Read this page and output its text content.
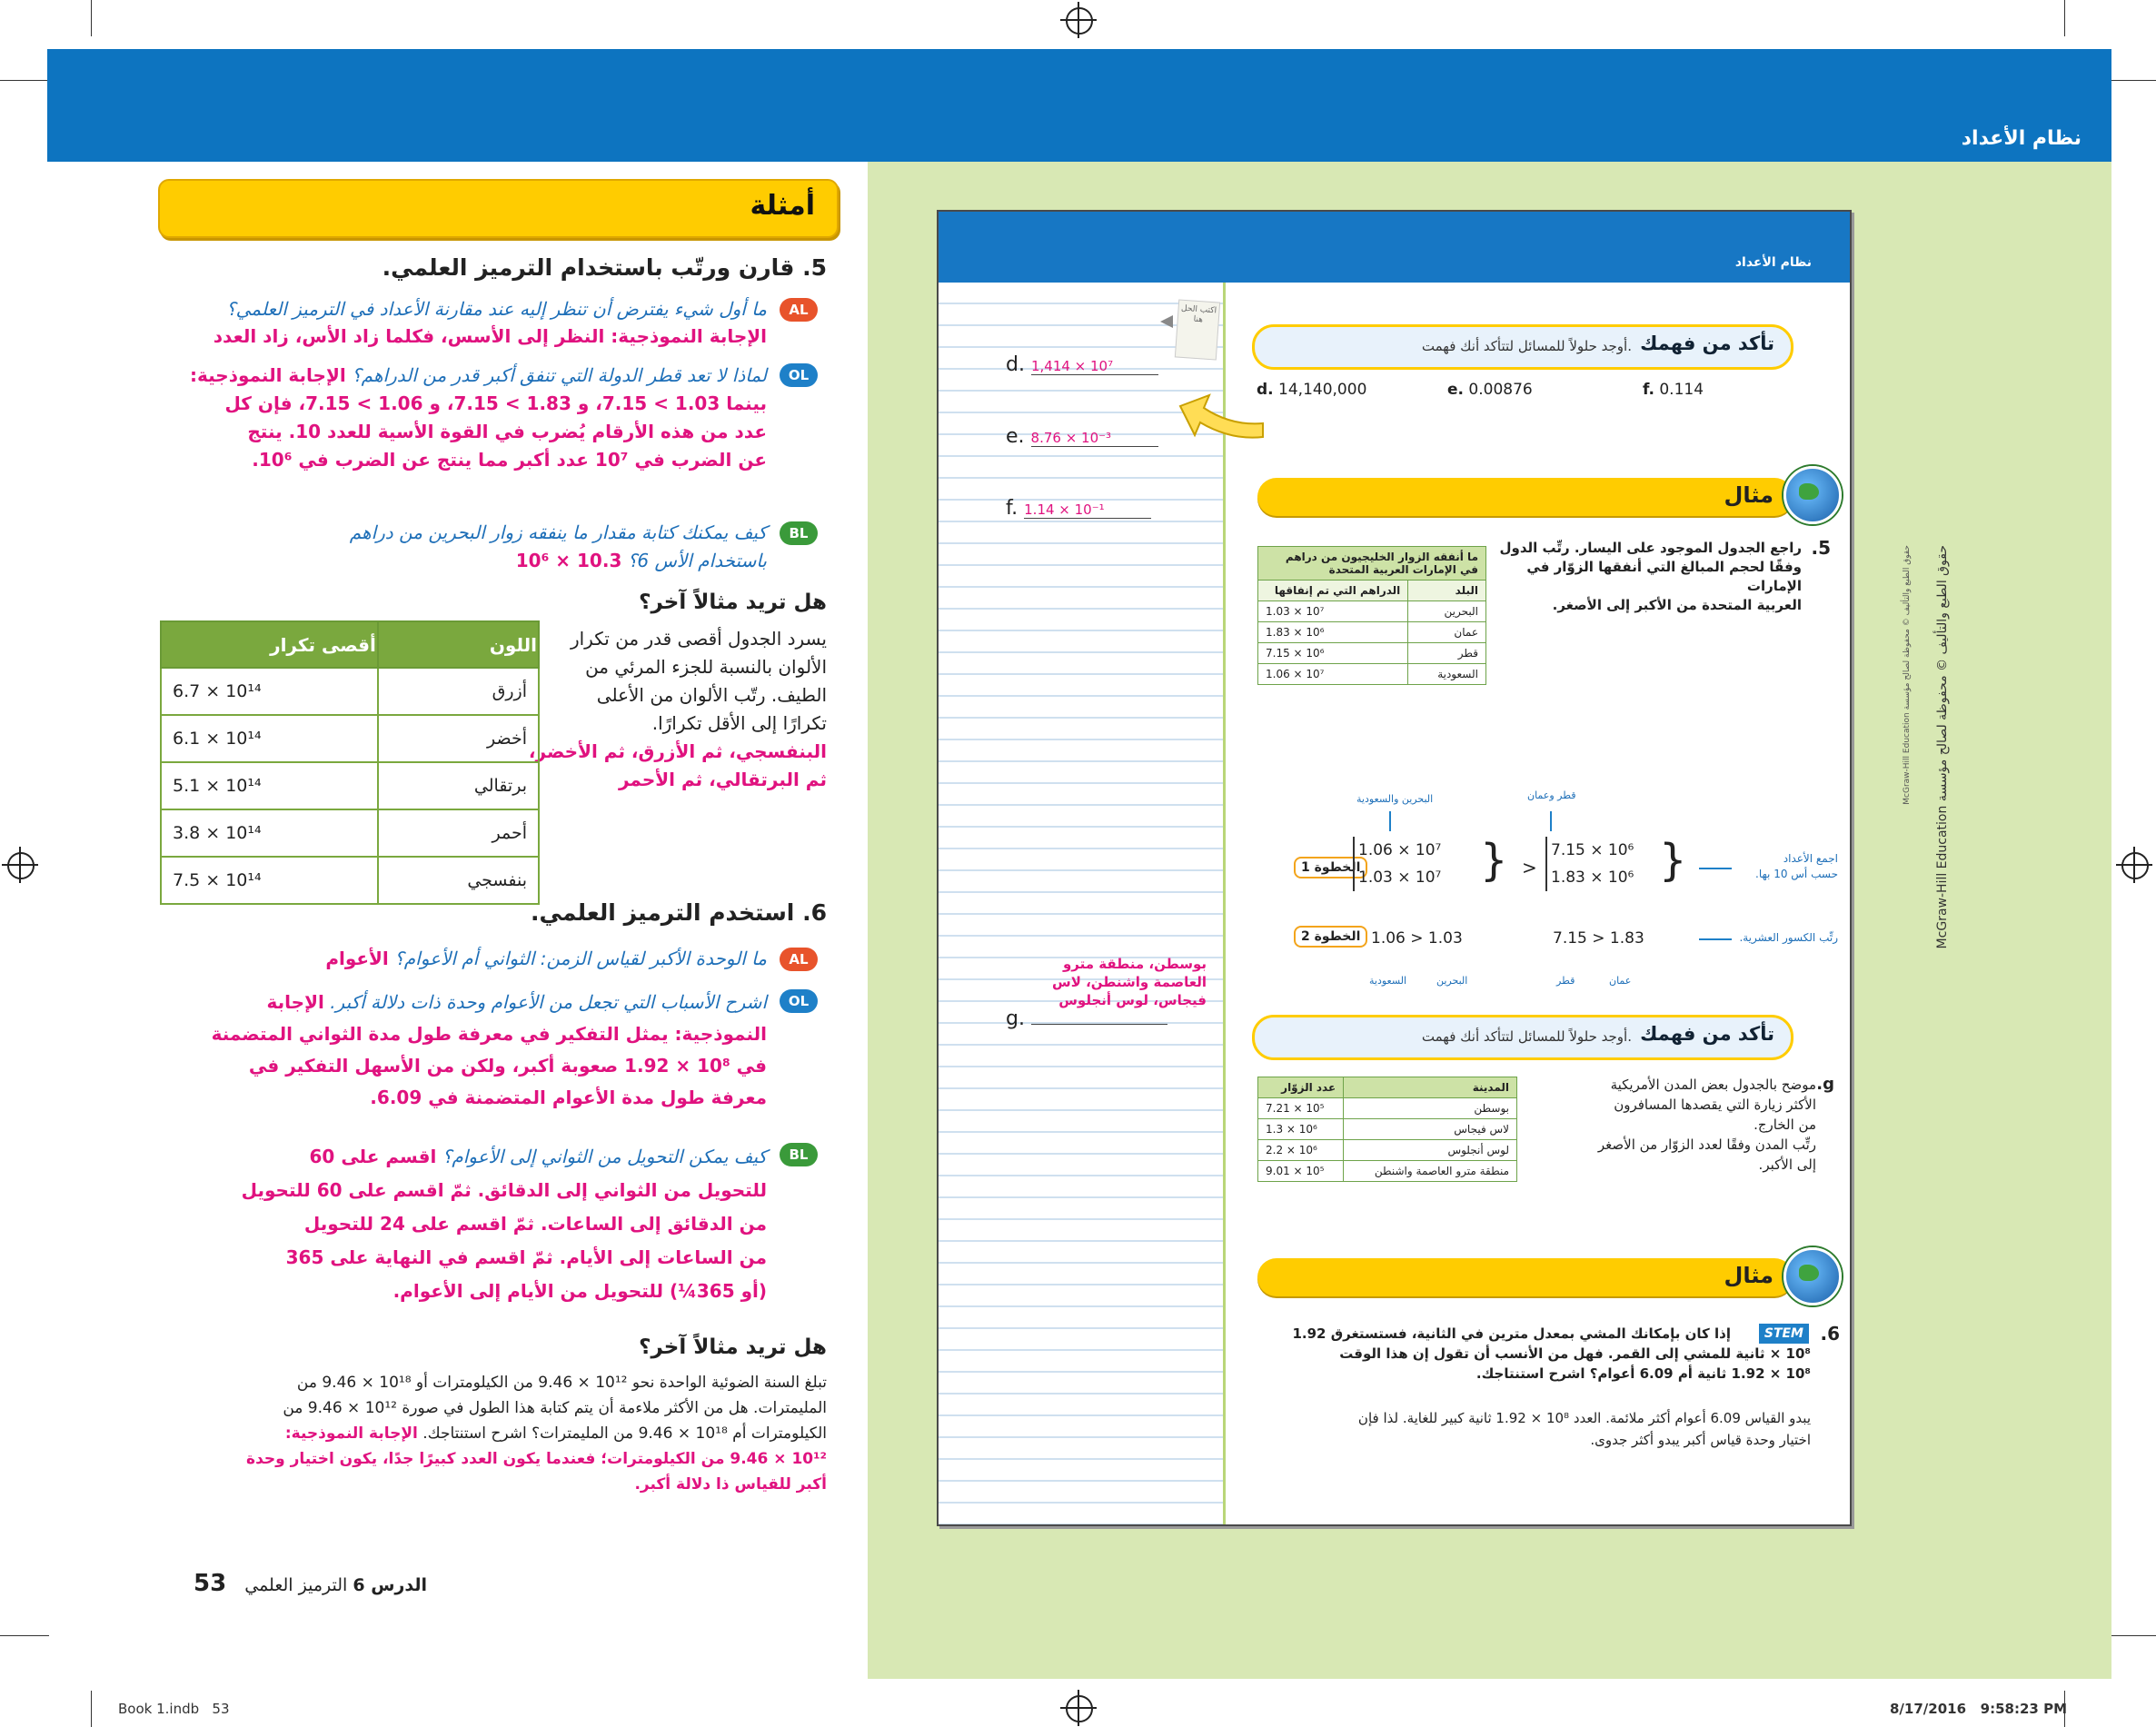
نظام الأعداد
نظام الأعداد
اكتب الحل هنا
d. 1,414 × 10⁷
e. 8.76 × 10⁻³
f. 1.14 × 10⁻¹
بوسطن، منطقة مترو
العاصمة واشنطن، لاس
فيجاس، لوس أنجلوس
g.
تأكد من فهمك
أوجد حلولاً للمسائل لتتأكد أنك فهمت.
d. 14,140,000	e. 0.00876	f. 0.114
مثال
5.
راجع الجدول الموجود على اليسار. رتِّب الدول
وفقًا لحجم المبالغ التي أنفقها الزوّار في الإمارات
العربية المتحدة من الأكبر إلى الأصغر.
ما أنفقه الزوار الخليجيون من دراهم في الإمارات العربية المتحدة	
البلد	الدراهم التي تم إنفاقها
البحرين	1.03 × 10⁷
عمان	1.83 × 10⁶
قطر	7.15 × 10⁶
السعودية	1.06 × 10⁷
البحرين والسعودية	قطر وعمان
الخطوة 1
1.06 × 10⁷
1.03 × 10⁷ } >
7.15 × 10⁶
1.83 × 10⁶ }	اجمع الأعداد
حسب أس 10 بها.
الخطوة 2 1.06 > 1.03	7.15 > 1.83	رتِّب الكسور العشرية.
السعودية	البحرين	قطر	عمان
تأكد من فهمك
أوجد حلولاً للمسائل لتتأكد أنك فهمت.
g.
موضح بالجدول بعض المدن الأمريكية
الأكثر زيارة التي يقصدها المسافرون
من الخارج.
رتِّب المدن وفقًا لعدد الزوّار من الأصغر
إلى الأكبر.
المدينة	عدد الزوّار
بوسطن	7.21 × 10⁵
لاس فيجاس	1.3 × 10⁶
لوس أنجلوس	2.2 × 10⁶
منطقة مترو العاصمة واشنطن	9.01 × 10⁵
مثال
6.
STEM
إذا كان بإمكانك المشي بمعدل مترين في الثانية، فستستغرق 1.92
10⁸ × ثانية للمشي إلى القمر. فهل من الأنسب أن تقول إن هذا الوقت
10⁸ × 1.92 ثانية أم 6.09 أعوام؟ اشرح استنتاجك.
يبدو القياس 6.09 أعوام أكثر ملائمة. العدد 10⁸ × 1.92 ثانية كبير للغاية. لذا فإن
اختيار وحدة قياس أكبر يبدو أكثر جدوى.
حقوق الطبع والتأليف © محفوظة لصالح مؤسسة McGraw-Hill Education
حقوق الطبع والتأليف © محفوظة لصالح مؤسسة McGraw-Hill Education
أمثلة
5. قارن ورتّب باستخدام الترميز العلمي.
AL
ما أول شيء يفترض أن تنظر إليه عند مقارنة الأعداد في الترميز العلمي؟
الإجابة النموذجية: النظر إلى الأسس، فكلما زاد الأس، زاد العدد
OL
لماذا لا تعد قطر الدولة التي تنفق أكبر قدر من الدراهم؟ الإجابة النموذجية:
بينما 1.03 > 7.15، و 1.83 > 7.15، و 1.06 > 7.15، فإن كل
عدد من هذه الأرقام يُضرب في القوة الأسية للعدد 10. ينتج
عن الضرب في 10⁷ عدد أكبر مما ينتج عن الضرب في 10⁶.
BL
كيف يمكنك كتابة مقدار ما ينفقه زوار البحرين من دراهم
باستخدام الأس 6؟ 10.3 × 10⁶
هل تريد مثالاً آخر؟
يسرد الجدول أقصى قدر من تكرار
الألوان بالنسبة للجزء المرئي من
الطيف. رتّب الألوان من الأعلى
تكرارًا إلى الأقل تكرارًا.
البنفسجي، ثم الأزرق، ثم الأخضر،
ثم البرتقالي، ثم الأحمر
اللون	أقصى تكرار
أزرق	6.7 × 10¹⁴
أخضر	6.1 × 10¹⁴
برتقالي	5.1 × 10¹⁴
أحمر	3.8 × 10¹⁴
بنفسجي	7.5 × 10¹⁴
6. استخدم الترميز العلمي.
AL
ما الوحدة الأكبر لقياس الزمن: الثواني أم الأعوام؟ الأعوام
OL
اشرح الأسباب التي تجعل من الأعوام وحدة ذات دلالة أكبر. الإجابة
النموذجية: يمثل التفكير في معرفة طول مدة الثواني المتضمنة
في 10⁸ × 1.92 صعوبة أكبر، ولكن من الأسهل التفكير في
معرفة طول مدة الأعوام المتضمنة في 6.09.
BL
كيف يمكن التحويل من الثواني إلى الأعوام؟ اقسم على 60
للتحويل من الثواني إلى الدقائق. ثمّ اقسم على 60 للتحويل
من الدقائق إلى الساعات. ثمّ اقسم على 24 للتحويل
من الساعات إلى الأيام. ثمّ اقسم في النهاية على 365
(أو 365¼) للتحويل من الأيام إلى الأعوام.
هل تريد مثالاً آخر؟
تبلغ السنة الضوئية الواحدة نحو 10¹² × 9.46 من الكيلومترات أو 10¹⁸ × 9.46 من
المليمترات. هل من الأكثر ملاءمة أن يتم كتابة هذا الطول في صورة 10¹² × 9.46 من
الكيلومترات أم 10¹⁸ × 9.46 من المليمترات؟ اشرح استنتاجك. الإجابة النموذجية:
10¹² × 9.46 من الكيلومترات؛ فعندما يكون العدد كبيرًا جدًا، يكون اختيار وحدة
أكبر للقياس ذا دلالة أكبر.
الدرس 6 الترميز العلمي 53
Book 1.indb   53	8/17/2016   9:58:23 PM
